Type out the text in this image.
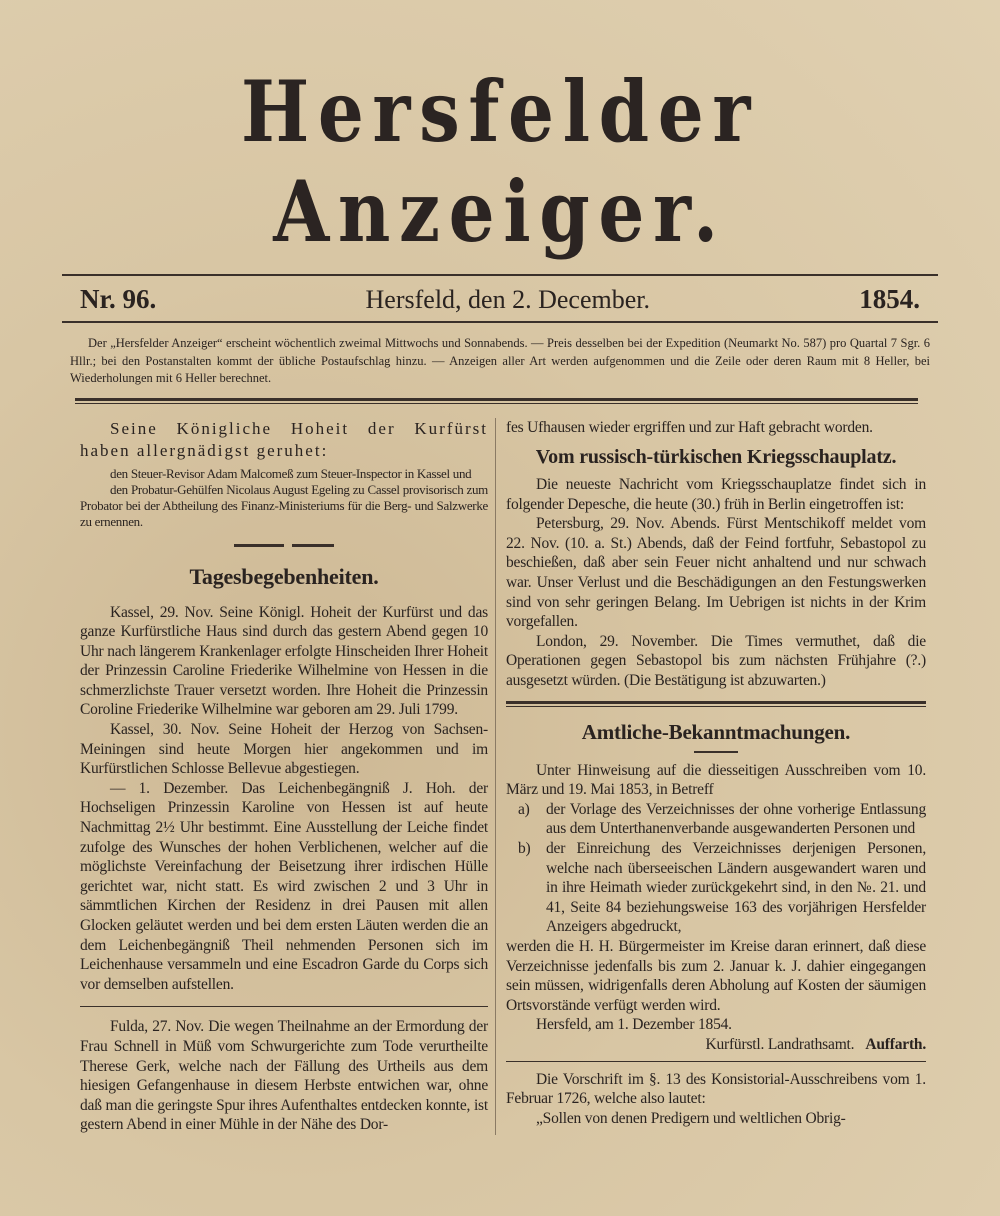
Hersfelder Anzeiger.
Nr. 96.	Hersfeld, den 2. December.	1854.
Der „Hersfelder Anzeiger“ erscheint wöchentlich zweimal Mittwochs und Sonnabends. — Preis desselben bei der Expedition (Neumarkt No. 587) pro Quartal 7 Sgr. 6 Hllr.; bei den Postanstalten kommt der übliche Postaufschlag hinzu. — Anzeigen aller Art werden aufgenommen und die Zeile oder deren Raum mit 8 Heller, bei Wiederholungen mit 6 Heller berechnet.

Seine Königliche Hoheit der Kurfürst haben allergnädigst geruhet:

den Steuer-Revisor Adam Malcomeß zum Steuer-Inspector in Kassel und

den Probatur-Gehülfen Nicolaus August Egeling zu Cassel provisorisch zum Probator bei der Abtheilung des Finanz-Ministeriums für die Berg- und Salzwerke zu ernennen.

Tagesbegebenheiten.

Kassel, 29. Nov. Seine Königl. Hoheit der Kurfürst und das ganze Kurfürstliche Haus sind durch das gestern Abend gegen 10 Uhr nach längerem Krankenlager erfolgte Hinscheiden Ihrer Hoheit der Prinzessin Caroline Friederike Wilhelmine von Hessen in die schmerzlichste Trauer versetzt worden. Ihre Hoheit die Prinzessin Coroline Friederike Wilhelmine war geboren am 29. Juli 1799.

Kassel, 30. Nov. Seine Hoheit der Herzog von Sachsen-Meiningen sind heute Morgen hier angekommen und im Kurfürstlichen Schlosse Bellevue abgestiegen.

— 1. Dezember. Das Leichenbegängniß J. Hoh. der Hochseligen Prinzessin Karoline von Hessen ist auf heute Nachmittag 2½ Uhr bestimmt. Eine Ausstellung der Leiche findet zufolge des Wunsches der hohen Verblichenen, welcher auf die möglichste Vereinfachung der Beisetzung ihrer irdischen Hülle gerichtet war, nicht statt. Es wird zwischen 2 und 3 Uhr in sämmtlichen Kirchen der Residenz in drei Pausen mit allen Glocken geläutet werden und bei dem ersten Läuten werden die an dem Leichenbegängniß Theil nehmenden Personen sich im Leichenhause versammeln und eine Escadron Garde du Corps sich vor demselben aufstellen.

Fulda, 27. Nov. Die wegen Theilnahme an der Ermordung der Frau Schnell in Müß vom Schwurgerichte zum Tode verurtheilte Therese Gerk, welche nach der Fällung des Urtheils aus dem hiesigen Gefangenhause in diesem Herbste entwichen war, ohne daß man die geringste Spur ihres Aufenthaltes entdecken konnte, ist gestern Abend in einer Mühle in der Nähe des Dor-

fes Ufhausen wieder ergriffen und zur Haft gebracht worden.

Vom russisch-türkischen Kriegsschauplatz.

Die neueste Nachricht vom Kriegsschauplatze findet sich in folgender Depesche, die heute (30.) früh in Berlin eingetroffen ist:

Petersburg, 29. Nov. Abends. Fürst Mentschikoff meldet vom 22. Nov. (10. a. St.) Abends, daß der Feind fortfuhr, Sebastopol zu beschießen, daß aber sein Feuer nicht anhaltend und nur schwach war. Unser Verlust und die Beschädigungen an den Festungswerken sind von sehr geringen Belang. Im Uebrigen ist nichts in der Krim vorgefallen.

London, 29. November. Die Times vermuthet, daß die Operationen gegen Sebastopol bis zum nächsten Frühjahre (?.) ausgesetzt würden. (Die Bestätigung ist abzuwarten.)

Amtliche-Bekanntmachungen.

Unter Hinweisung auf die diesseitigen Ausschreiben vom 10. März und 19. Mai 1853, in Betreff

a) der Vorlage des Verzeichnisses der ohne vorherige Entlassung aus dem Unterthanenverbande ausgewanderten Personen und

b) der Einreichung des Verzeichnisses derjenigen Personen, welche nach überseeischen Ländern ausgewandert waren und in ihre Heimath wieder zurückgekehrt sind, in den №. 21. und 41, Seite 84 beziehungsweise 163 des vorjährigen Hersfelder Anzeigers abgedruckt,

werden die H. H. Bürgermeister im Kreise daran erinnert, daß diese Verzeichnisse jedenfalls bis zum 2. Januar k. J. dahier eingegangen sein müssen, widrigenfalls deren Abholung auf Kosten der säumigen Ortsvorstände verfügt werden wird.

Hersfeld, am 1. Dezember 1854.

Kurfürstl. Landrathsamt. Auffarth.

Die Vorschrift im §. 13 des Konsistorial-Ausschreibens vom 1. Februar 1726, welche also lautet:

„Sollen von denen Predigern und weltlichen Obrig-
